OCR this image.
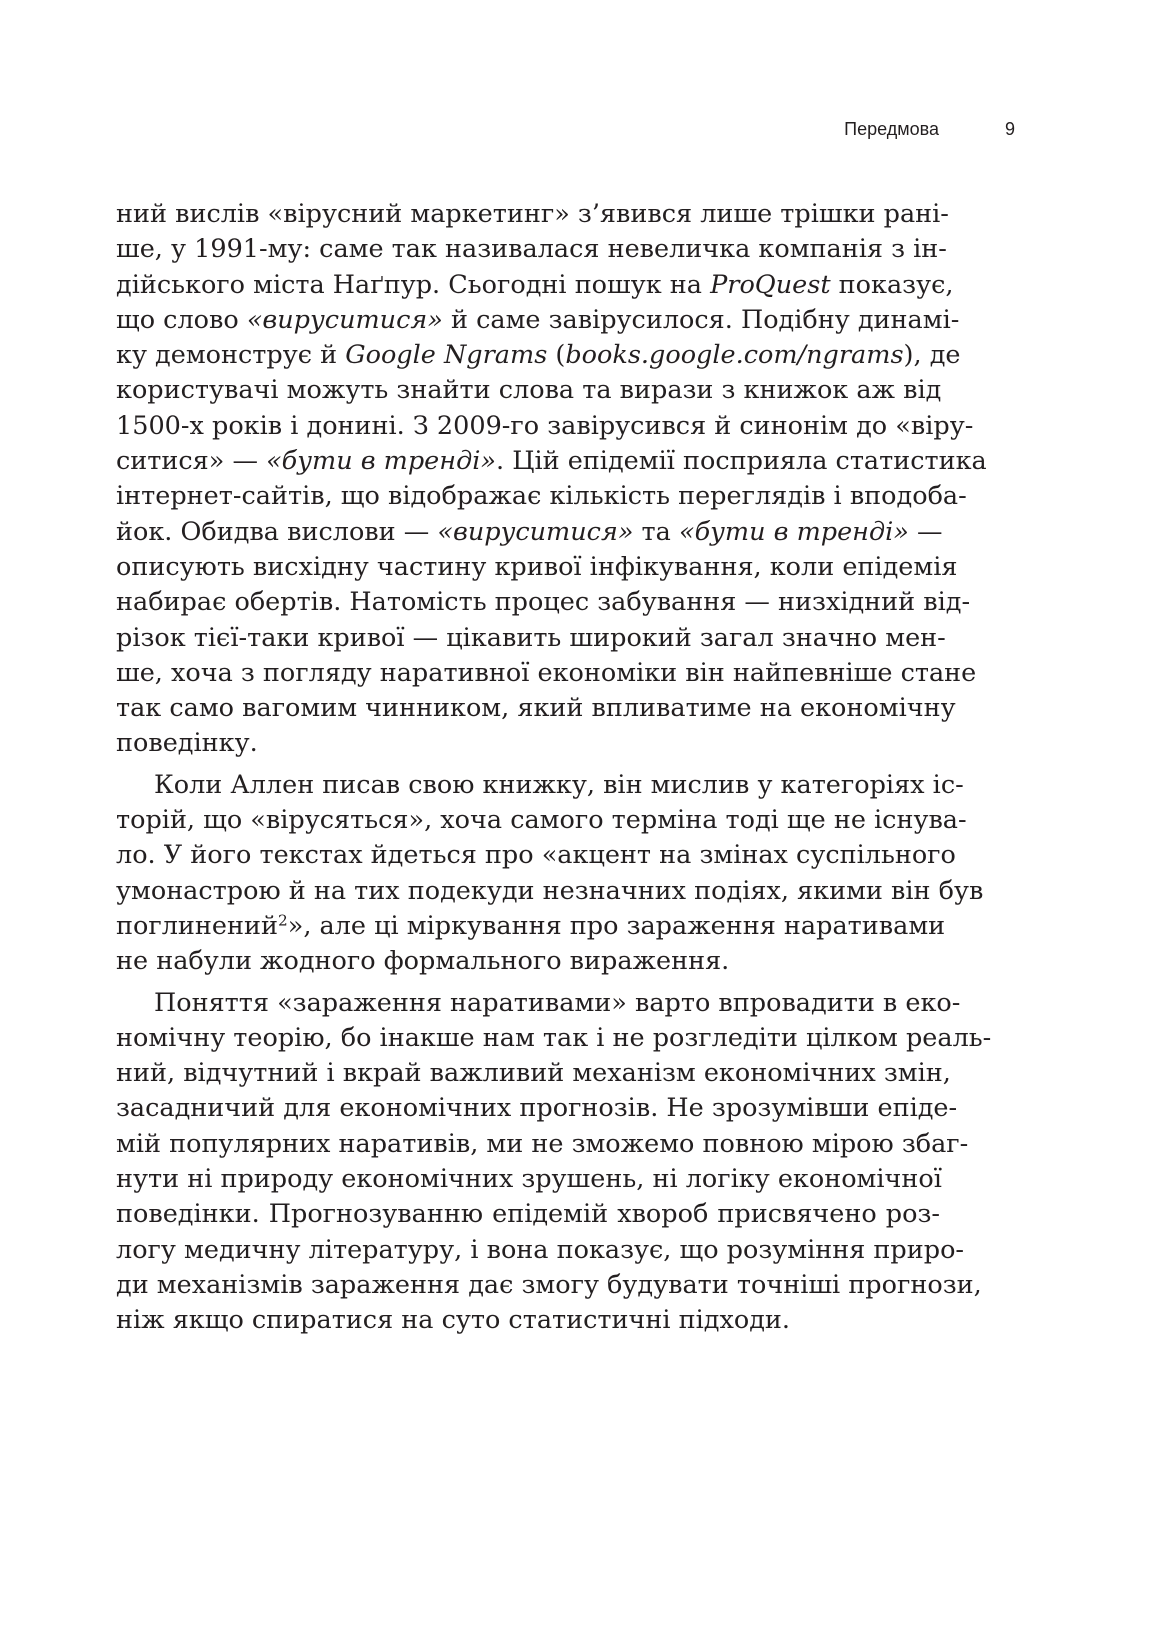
Передмова	9
ний вислів «вірусний маркетинг» з’явився лише трішки рані-
ше, у 1991-му: саме так називалася невеличка компанія з ін-
дійського міста Наґпур. Сьогодні пошук на ProQuest показує,
що слово «вируситися» й саме завірусилося. Подібну динамі-
ку демонструє й Google Ngrams (books.google.com/ngrams), де
користувачі можуть знайти слова та вирази з книжок аж від
1500-х років і донині. З 2009-го завірусився й синонім до «віру-
ситися» — «бути в тренді». Цій епідемії посприяла статистика
інтернет-сайтів, що відображає кількість переглядів і вподоба-
йок. Обидва вислови — «вируситися» та «бути в тренді» —
описують висхідну частину кривої інфікування, коли епідемія
набирає обертів. Натомість процес забування — низхідний від-
різок тієї-таки кривої — цікавить широкий загал значно мен-
ше, хоча з погляду наративної економіки він найпевніше стане
так само вагомим чинником, який впливатиме на економічну
поведінку.
Коли Аллен писав свою книжку, він мислив у категоріях іс-
торій, що «вірусяться», хоча самого терміна тоді ще не існува-
ло. У його текстах йдеться про «акцент на змінах суспільного
умонастрою й на тих подекуди незначних подіях, якими він був
поглинений$^2$», але ці міркування про зараження наративами
не набули жодного формального вираження.
Поняття «зараження наративами» варто впровадити в еко-
номічну теорію, бо інакше нам так і не розгледіти цілком реаль-
ний, відчутний і вкрай важливий механізм економічних змін,
засадничий для економічних прогнозів. Не зрозумівши епіде-
мій популярних наративів, ми не зможемо повною мірою збаг-
нути ні природу економічних зрушень, ні логіку економічної
поведінки. Прогнозуванню епідемій хвороб присвячено роз-
логу медичну літературу, і вона показує, що розуміння приро-
ди механізмів зараження дає змогу будувати точніші прогнози,
ніж якщо спиратися на суто статистичні підходи.
